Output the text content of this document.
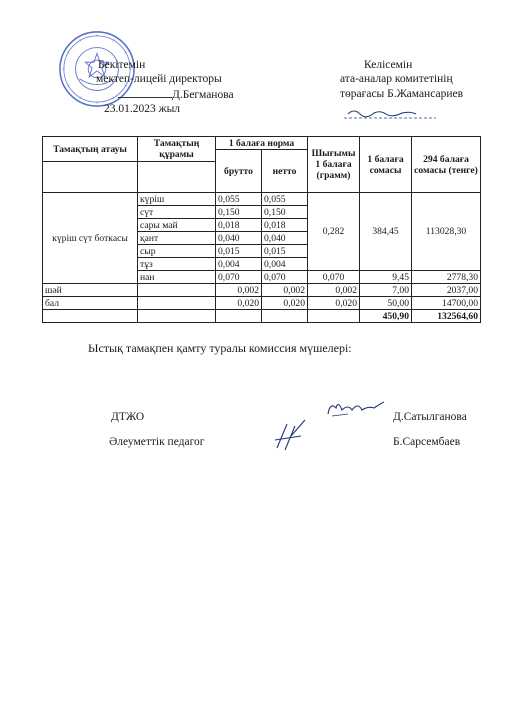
Бекітемін
мектеп-лицейі директоры
Д.Бегманова
23.01.2023 жыл
Келісемін
ата-аналар комитетінің
төрағасы Б.Жамансариев
Тамақтың атауы	Тамақтың құрамы	1 балаға норма		Шығымы 1 балаға (грамм)	1 балаға сомасы	294 балаға сомасы (тенге)
		брутто	нетто			

күріш сүт боткасы	күріш	0,055	0,055	0,282	384,45	113028,30
	сүт	0,150	0,150			
	сары май	0,018	0,018			
	қант	0,040	0,040			
	сыр	0,015	0,015			
	тұз	0,004	0,004			
	нан	0,070	0,070	0,070	9,45	2778,30
шәй		0,002	0,002	0,002	7,00	2037,00
бал		0,020	0,020	0,020	50,00	14700,00
					450,90	132564,60
Ыстық тамақпен қамту туралы комиссия мүшелері:
ДТЖО	Д.Сатылганова
Әлеуметтік педагог	Б.Сарсембаев
